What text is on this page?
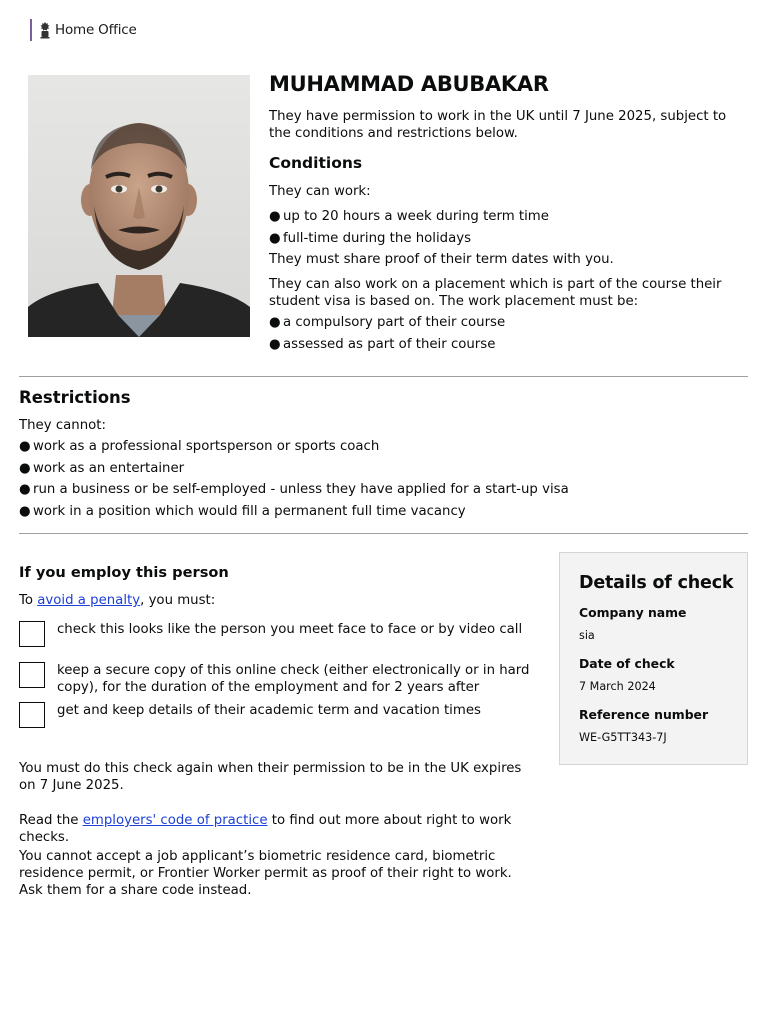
Home Office
MUHAMMAD ABUBAKAR

They have permission to work in the UK until 7 June 2025, subject to the conditions and restrictions below.

Conditions

They can work:

● up to 20 hours a week during term time
● full-time during the holidays

They must share proof of their term dates with you.

They can also work on a placement which is part of the course their student visa is based on. The work placement must be:

● a compulsory part of their course
● assessed as part of their course
Restrictions

They cannot:

● work as a professional sportsperson or sports coach
● work as an entertainer
● run a business or be self-employed - unless they have applied for a start-up visa
● work in a position which would fill a permanent full time vacancy
If you employ this person

To avoid a penalty, you must:

check this looks like the person you meet face to face or by video call
keep a secure copy of this online check (either electronically or in hard copy), for the duration of the employment and for 2 years after
get and keep details of their academic term and vacation times

You must do this check again when their permission to be in the UK expires on 7 June 2025.

Read the employers' code of practice to find out more about right to work checks.

You cannot accept a job applicant’s biometric residence card, biometric residence permit, or Frontier Worker permit as proof of their right to work. Ask them for a share code instead.

Details of check
Company name
sia
Date of check
7 March 2024
Reference number
WE-G5TT343-7J
